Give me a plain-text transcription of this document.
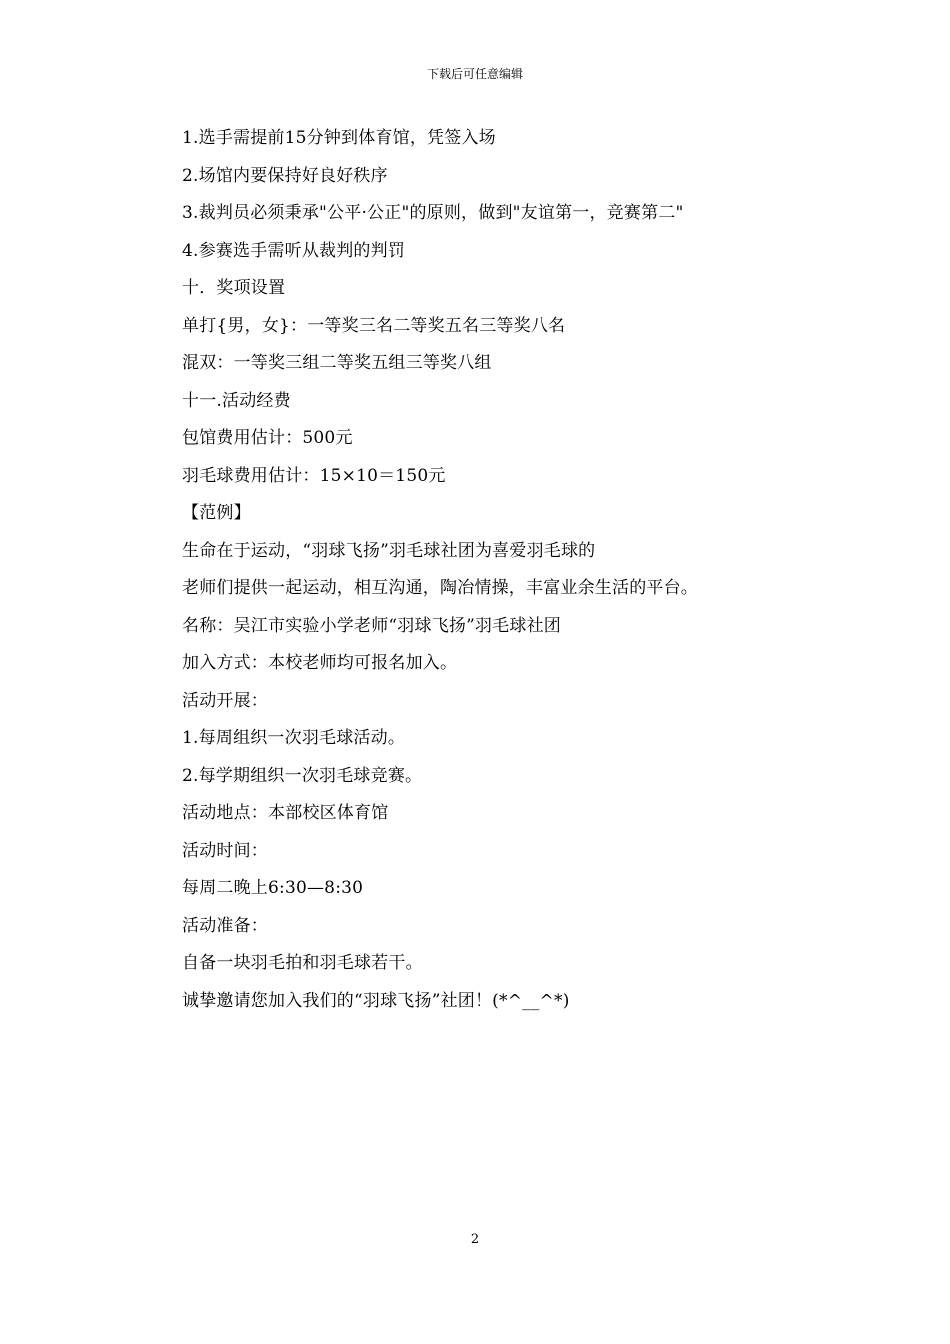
下载后可任意编辑
1.选手需提前15分钟到体育馆，凭签入场
2.场馆内要保持好良好秩序
3.裁判员必须秉承"公平·公正"的原则，做到"友谊第一，竞赛第二"
4.参赛选手需听从裁判的判罚
十．奖项设置
单打{男，女}：一等奖三名二等奖五名三等奖八名
混双：一等奖三组二等奖五组三等奖八组
十一.活动经费
包馆费用估计：500元
羽毛球费用估计：15×10＝150元
【范例】
生命在于运动，“羽球飞扬”羽毛球社团为喜爱羽毛球的
老师们提供一起运动，相互沟通，陶冶情操，丰富业余生活的平台。
名称：吴江市实验小学老师“羽球飞扬”羽毛球社团
加入方式：本校老师均可报名加入。
活动开展：
1.每周组织一次羽毛球活动。
2.每学期组织一次羽毛球竞赛。
活动地点：本部校区体育馆
活动时间：
每周二晚上6:30—8:30
活动准备：
自备一块羽毛拍和羽毛球若干。
诚挚邀请您加入我们的“羽球飞扬”社团！(*^__^*)
2
